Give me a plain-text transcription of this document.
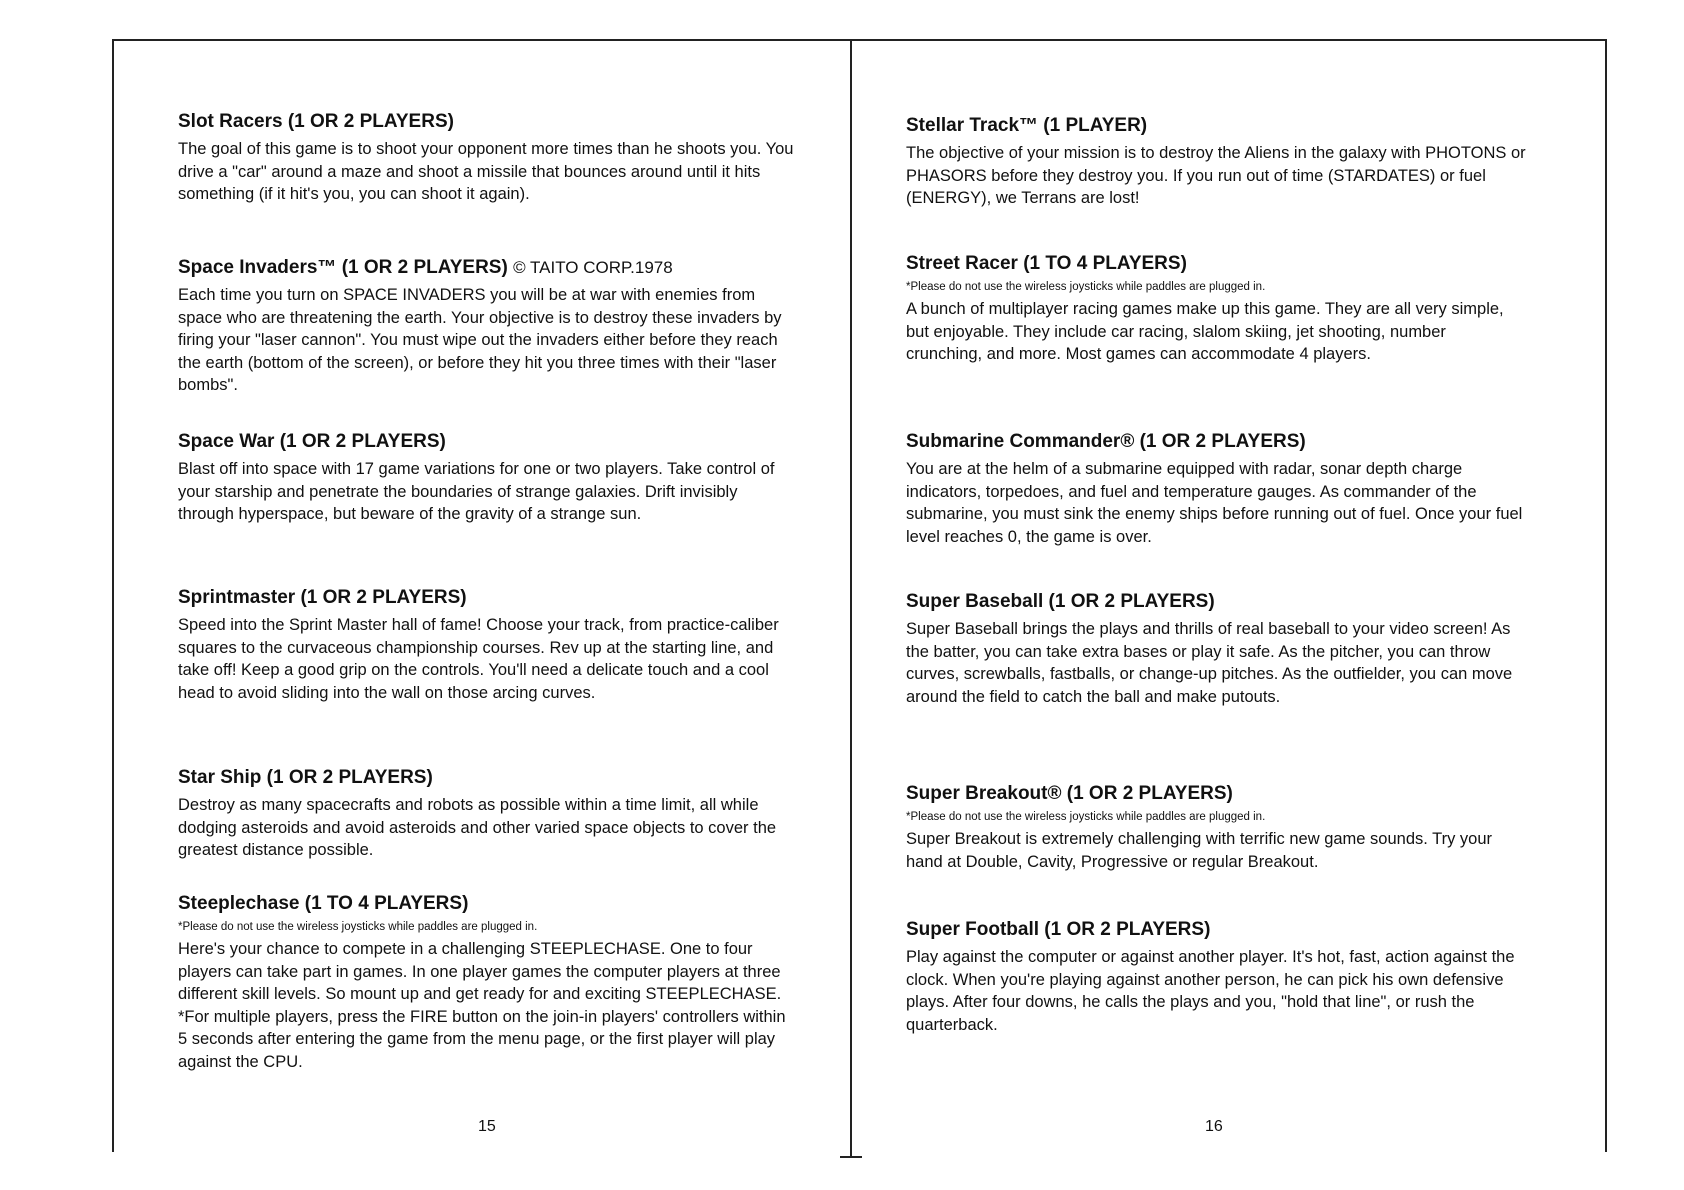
Slot Racers (1 OR 2 PLAYERS)

The goal of this game is to shoot your opponent more times than he shoots you. You drive a "car" around a maze and shoot a missile that bounces around until it hits something (if it hit's you, you can shoot it again).

Space Invaders™ (1 OR 2 PLAYERS) © TAITO CORP.1978

Each time you turn on SPACE INVADERS you will be at war with enemies from space who are threatening the earth. Your objective is to destroy these invaders by firing your "laser cannon". You must wipe out the invaders either before they reach the earth (bottom of the screen), or before they hit you three times with their "laser bombs".

Space War (1 OR 2 PLAYERS)

Blast off into space with 17 game variations for one or two players. Take control of your starship and penetrate the boundaries of strange galaxies. Drift invisibly through hyperspace, but beware of the gravity of a strange sun.

Sprintmaster (1 OR 2 PLAYERS)

Speed into the Sprint Master hall of fame! Choose your track, from practice-caliber squares to the curvaceous championship courses. Rev up at the starting line, and take off! Keep a good grip on the controls. You'll need a delicate touch and a cool head to avoid sliding into the wall on those arcing curves.

Star Ship (1 OR 2 PLAYERS)

Destroy as many spacecrafts and robots as possible within a time limit, all while dodging asteroids and avoid asteroids and other varied space objects to cover the greatest distance possible.

Steeplechase (1 TO 4 PLAYERS)
*Please do not use the wireless joysticks while paddles are plugged in.

Here's your chance to compete in a challenging STEEPLECHASE. One to four players can take part in games. In one player games the computer players at three different skill levels. So mount up and get ready for and exciting STEEPLECHASE.

*For multiple players, press the FIRE button on the join-in players' controllers within 5 seconds after entering the game from the menu page, or the first player will play against the CPU.

15
Stellar Track™ (1 PLAYER)

The objective of your mission is to destroy the Aliens in the galaxy with PHOTONS or PHASORS before they destroy you. If you run out of time (STARDATES) or fuel (ENERGY), we Terrans are lost!

Street Racer (1 TO 4 PLAYERS)
*Please do not use the wireless joysticks while paddles are plugged in.

A bunch of multiplayer racing games make up this game. They are all very simple, but enjoyable. They include car racing, slalom skiing, jet shooting, number crunching, and more. Most games can accommodate 4 players.

Submarine Commander® (1 OR 2 PLAYERS)

You are at the helm of a submarine equipped with radar, sonar depth charge indicators, torpedoes, and fuel and temperature gauges. As commander of the submarine, you must sink the enemy ships before running out of fuel. Once your fuel level reaches 0, the game is over.

Super Baseball (1 OR 2 PLAYERS)

Super Baseball brings the plays and thrills of real baseball to your video screen! As the batter, you can take extra bases or play it safe. As the pitcher, you can throw curves, screwballs, fastballs, or change-up pitches. As the outfielder, you can move around the field to catch the ball and make putouts.

Super Breakout® (1 OR 2 PLAYERS)
*Please do not use the wireless joysticks while paddles are plugged in.

Super Breakout is extremely challenging with terrific new game sounds. Try your hand at Double, Cavity, Progressive or regular Breakout.

Super Football (1 OR 2 PLAYERS)

Play against the computer or against another player. It's hot, fast, action against the clock. When you're playing against another person, he can pick his own defensive plays. After four downs, he calls the plays and you, "hold that line", or rush the quarterback.

16
